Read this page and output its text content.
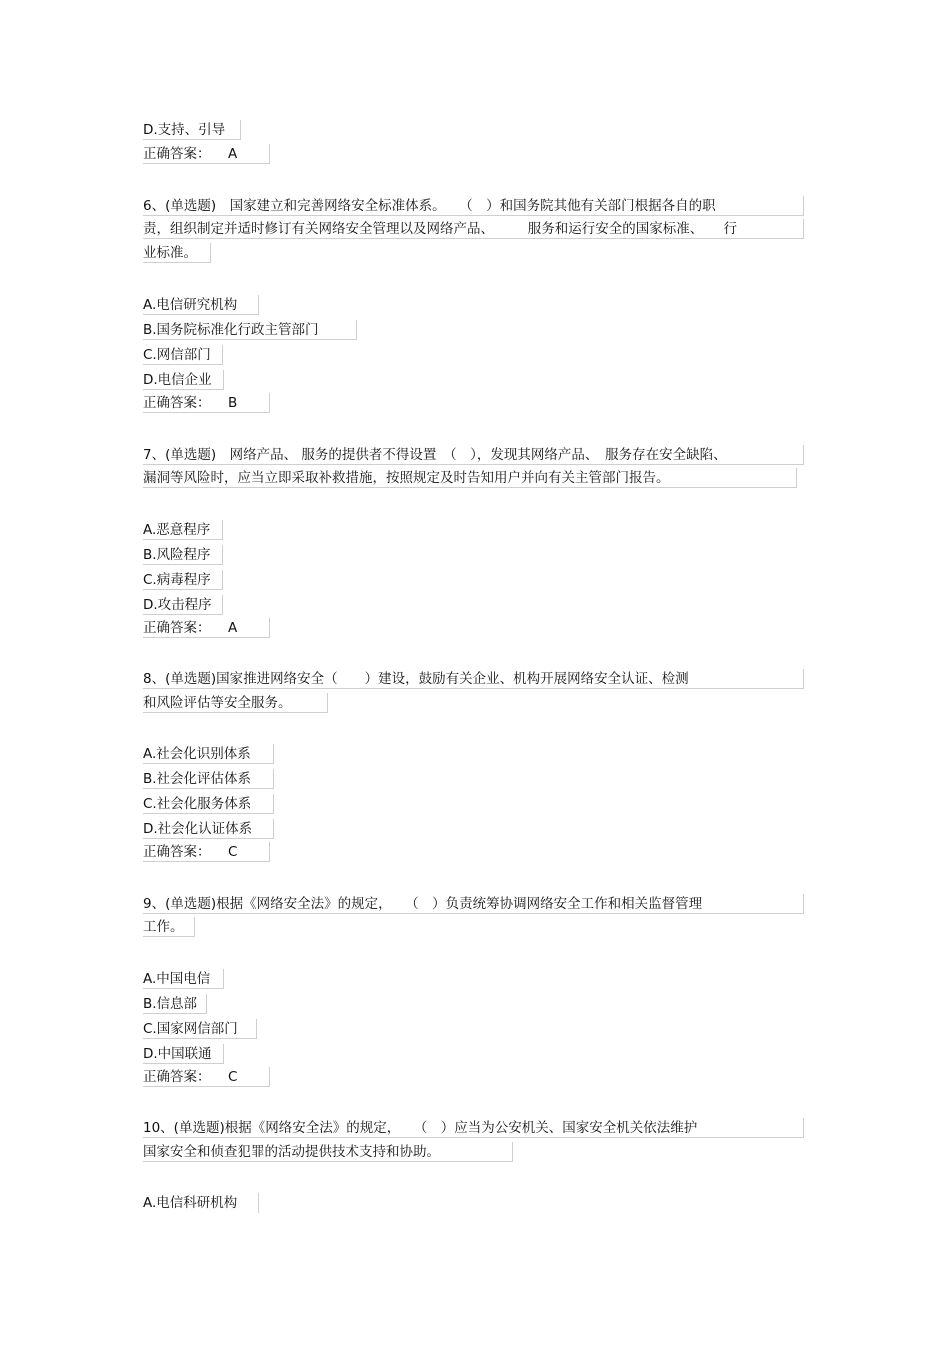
D.支持、引导
正确答案： A
6、(单选题)　国家建立和完善网络安全标准体系。　　（　）和国务院其他有关部门根据各自的职
责，组织制定并适时修订有关网络安全管理以及网络产品、　　　服务和运行安全的国家标准、　　行
业标准。
A.电信研究机构
B.国务院标准化行政主管部门
C.网信部门
D.电信企业
正确答案： B
7、(单选题)　网络产品、 服务的提供者不得设置　（　），发现其网络产品、　服务存在安全缺陷、
漏洞等风险时，应当立即采取补救措施，按照规定及时告知用户并向有关主管部门报告。
A.恶意程序
B.风险程序
C.病毒程序
D.攻击程序
正确答案： A
8、(单选题)国家推进网络安全（　　）建设，鼓励有关企业、机构开展网络安全认证、检测
和风险评估等安全服务。
A.社会化识别体系
B.社会化评估体系
C.社会化服务体系
D.社会化认证体系
正确答案： C
9、(单选题)根据《网络安全法》的规定，　　（　）负责统筹协调网络安全工作和相关监督管理
工作。
A.中国电信
B.信息部
C.国家网信部门
D.中国联通
正确答案： C
10、(单选题)根据《网络安全法》的规定，　　（　）应当为公安机关、国家安全机关依法维护
国家安全和侦查犯罪的活动提供技术支持和协助。
A.电信科研机构
